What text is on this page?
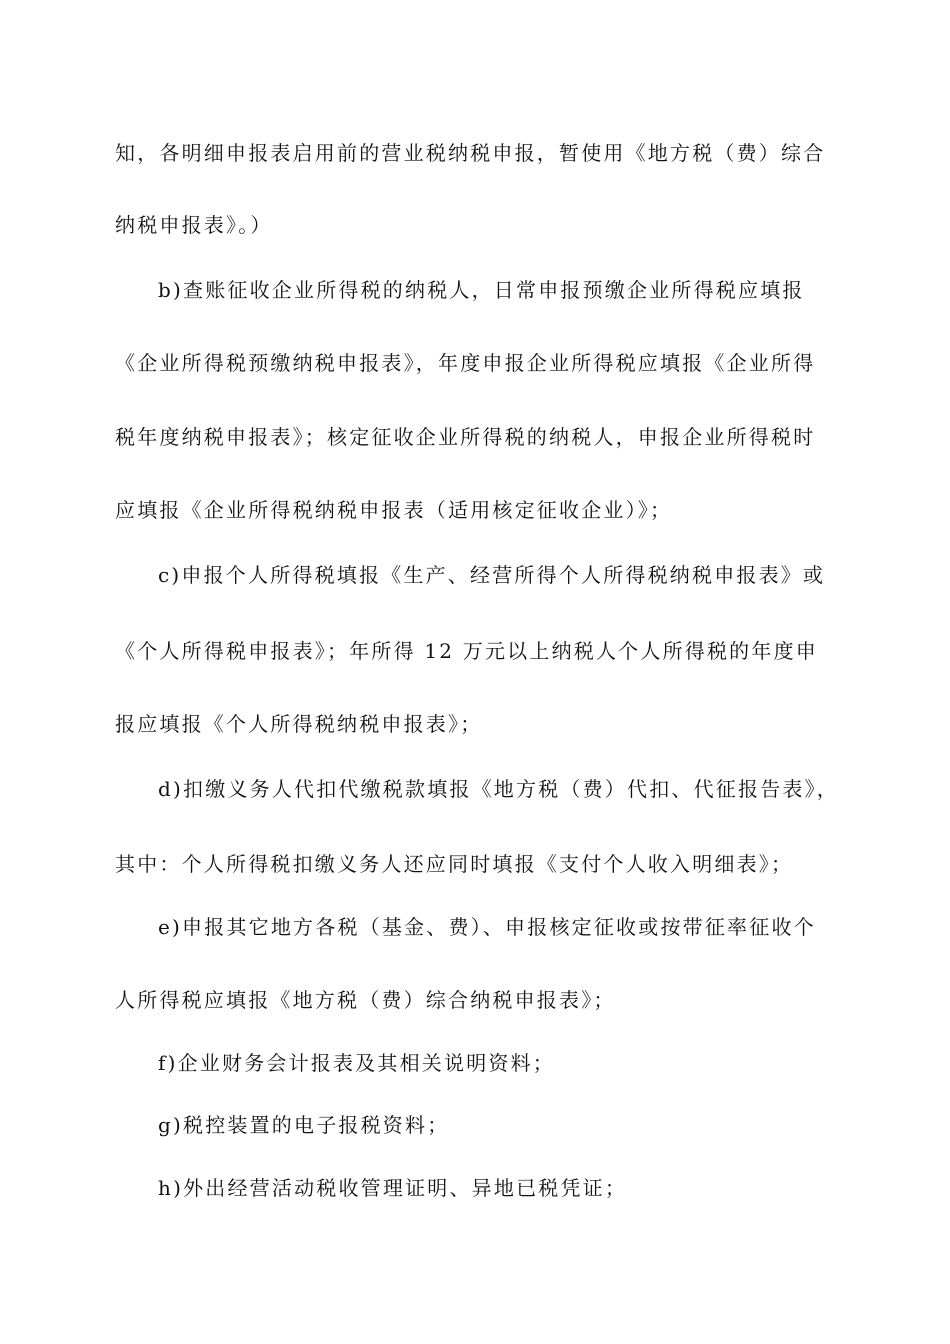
知，各明细申报表启用前的营业税纳税申报，暂使用《地方税（费）综合
纳税申报表》。）
b)查账征收企业所得税的纳税人，日常申报预缴企业所得税应填报
《企业所得税预缴纳税申报表》，年度申报企业所得税应填报《企业所得
税年度纳税申报表》；核定征收企业所得税的纳税人，申报企业所得税时
应填报《企业所得税纳税申报表（适用核定征收企业）》；
c)申报个人所得税填报《生产、经营所得个人所得税纳税申报表》或
《个人所得税申报表》；年所得 12 万元以上纳税人个人所得税的年度申
报应填报《个人所得税纳税申报表》；
d)扣缴义务人代扣代缴税款填报《地方税（费）代扣、代征报告表》，
其中：个人所得税扣缴义务人还应同时填报《支付个人收入明细表》；
e)申报其它地方各税（基金、费）、申报核定征收或按带征率征收个
人所得税应填报《地方税（费）综合纳税申报表》；
f)企业财务会计报表及其相关说明资料；
g)税控装置的电子报税资料；
h)外出经营活动税收管理证明、异地已税凭证；
